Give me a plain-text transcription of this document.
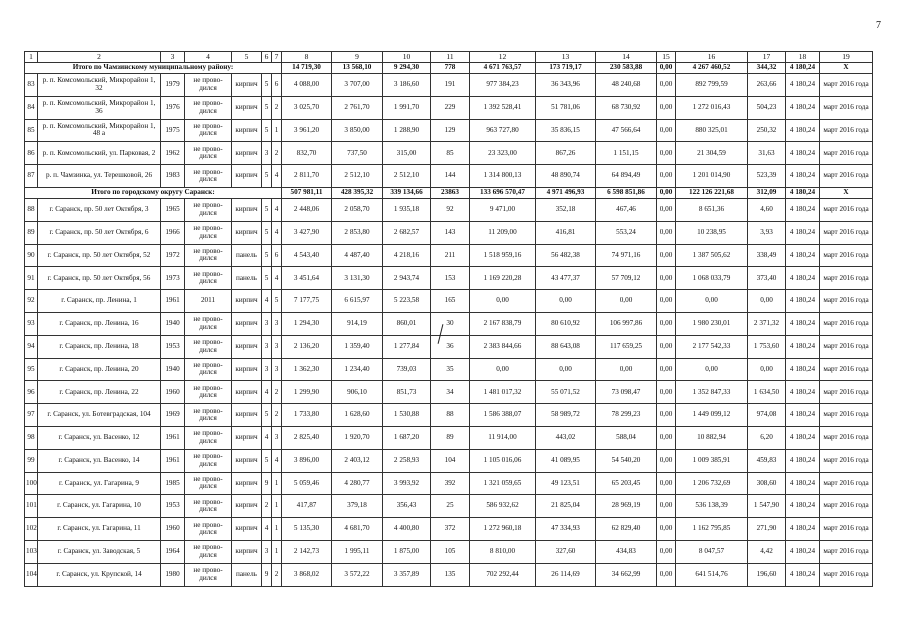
7
1	2	3	4	5	6	7	8	9	10	11	12	13	14	15	16	17	18	19
Итого по Чамзинскому муниципальному району:							14 719,30	13 568,10	9 294,30	778	4 671 763,57	173 719,17	230 583,88	0,00	4 267 460,52	344,32	4 180,24	X
83	р. п. Комсомольский, Микрорайон 1, 32	1979	не прово-дился	кирпич	5	6	4 088,00	3 707,00	3 186,60	191	977 384,23	36 343,96	48 240,68	0,00	892 799,59	263,66	4 180,24	март 2016 года
84	р. п. Комсомольский, Микрорайон 1, 36	1976	не прово-дился	кирпич	5	2	3 025,70	2 761,70	1 991,70	229	1 392 528,41	51 781,06	68 730,92	0,00	1 272 016,43	504,23	4 180,24	март 2016 года
85	р. п. Комсомольский, Микрорайон 1, 48 а	1975	не прово-дился	кирпич	5	1	3 961,20	3 850,00	1 288,90	129	963 727,80	35 836,15	47 566,64	0,00	880 325,01	250,32	4 180,24	март 2016 года
86	р. п. Комсомольский, ул. Парковая, 2	1962	не прово-дился	кирпич	3	2	832,70	737,50	315,00	85	23 323,00	867,26	1 151,15	0,00	21 304,59	31,63	4 180,24	март 2016 года
87	р. п. Чамзинка, ул. Терешковой, 26	1983	не прово-дился	кирпич	5	4	2 811,70	2 512,10	2 512,10	144	1 314 800,13	48 890,74	64 894,49	0,00	1 201 014,90	523,39	4 180,24	март 2016 года
Итого по городскому округу Саранск:							507 981,11	428 395,32	339 134,66	23863	133 696 570,47	4 971 496,93	6 598 851,86	0,00	122 126 221,68	312,09	4 180,24	X
88	г. Саранск, пр. 50 лет Октября, 3	1965	не прово-дился	кирпич	5	4	2 448,06	2 058,70	1 935,18	92	9 471,00	352,18	467,46	0,00	8 651,36	4,60	4 180,24	март 2016 года
89	г. Саранск, пр. 50 лет Октября, 6	1966	не прово-дился	кирпич	5	4	3 427,90	2 853,80	2 682,57	143	11 209,00	416,81	553,24	0,00	10 238,95	3,93	4 180,24	март 2016 года
90	г. Саранск, пр. 50 лет Октября, 52	1972	не прово-дился	панель	5	6	4 543,40	4 487,40	4 218,16	211	1 518 959,16	56 482,38	74 971,16	0,00	1 387 505,62	338,49	4 180,24	март 2016 года
91	г. Саранск, пр. 50 лет Октября, 56	1973	не прово-дился	панель	5	4	3 451,64	3 131,30	2 943,74	153	1 169 220,28	43 477,37	57 709,12	0,00	1 068 033,79	373,40	4 180,24	март 2016 года
92	г. Саранск, пр. Ленина, 1	1961	2011	кирпич	4	5	7 177,75	6 615,97	5 223,58	165	0,00	0,00	0,00	0,00	0,00	0,00	4 180,24	март 2016 года
93	г. Саранск, пр. Ленина, 16	1940	не прово-дился	кирпич	3	3	1 294,30	914,19	860,01	30	2 167 838,79	80 610,92	106 997,86	0,00	1 980 230,01	2 371,32	4 180,24	март 2016 года
94	г. Саранск, пр. Ленина, 18	1953	не прово-дился	кирпич	3	3	2 136,20	1 359,40	1 277,84	36	2 383 844,66	88 643,08	117 659,25	0,00	2 177 542,33	1 753,60	4 180,24	март 2016 года
95	г. Саранск, пр. Ленина, 20	1940	не прово-дился	кирпич	3	3	1 362,30	1 234,40	739,03	35	0,00	0,00	0,00	0,00	0,00	0,00	4 180,24	март 2016 года
96	г. Саранск, пр. Ленина, 22	1960	не прово-дился	кирпич	4	2	1 299,90	906,10	851,73	34	1 481 017,32	55 071,52	73 098,47	0,00	1 352 847,33	1 634,50	4 180,24	март 2016 года
97	г. Саранск, ул. Ботевградская, 104	1969	не прово-дился	кирпич	5	2	1 733,80	1 628,60	1 530,88	88	1 586 388,07	58 989,72	78 299,23	0,00	1 449 099,12	974,08	4 180,24	март 2016 года
98	г. Саранск, ул. Васенко, 12	1961	не прово-дился	кирпич	4	3	2 825,40	1 920,70	1 687,20	89	11 914,00	443,02	588,04	0,00	10 882,94	6,20	4 180,24	март 2016 года
99	г. Саранск, ул. Васенко, 14	1961	не прово-дился	кирпич	5	4	3 896,00	2 403,12	2 258,93	104	1 105 016,06	41 089,95	54 540,20	0,00	1 009 385,91	459,83	4 180,24	март 2016 года
100	г. Саранск, ул. Гагарина, 9	1985	не прово-дился	кирпич	9	1	5 059,46	4 280,77	3 993,92	392	1 321 059,65	49 123,51	65 203,45	0,00	1 206 732,69	308,60	4 180,24	март 2016 года
101	г. Саранск, ул. Гагарина, 10	1953	не прово-дился	кирпич	2	1	417,87	379,18	356,43	25	586 932,62	21 825,04	28 969,19	0,00	536 138,39	1 547,90	4 180,24	март 2016 года
102	г. Саранск, ул. Гагарина, 11	1960	не прово-дился	кирпич	4	1	5 135,30	4 681,70	4 400,80	372	1 272 960,18	47 334,93	62 829,40	0,00	1 162 795,85	271,90	4 180,24	март 2016 года
103	г. Саранск, ул. Заводская, 5	1964	не прово-дился	кирпич	3	1	2 142,73	1 995,11	1 875,00	105	8 810,00	327,60	434,83	0,00	8 047,57	4,42	4 180,24	март 2016 года
104	г. Саранск, ул. Крупской, 14	1980	не прово-дился	панель	9	2	3 868,02	3 572,22	3 357,89	135	702 292,44	26 114,69	34 662,99	0,00	641 514,76	196,60	4 180,24	март 2016 года
